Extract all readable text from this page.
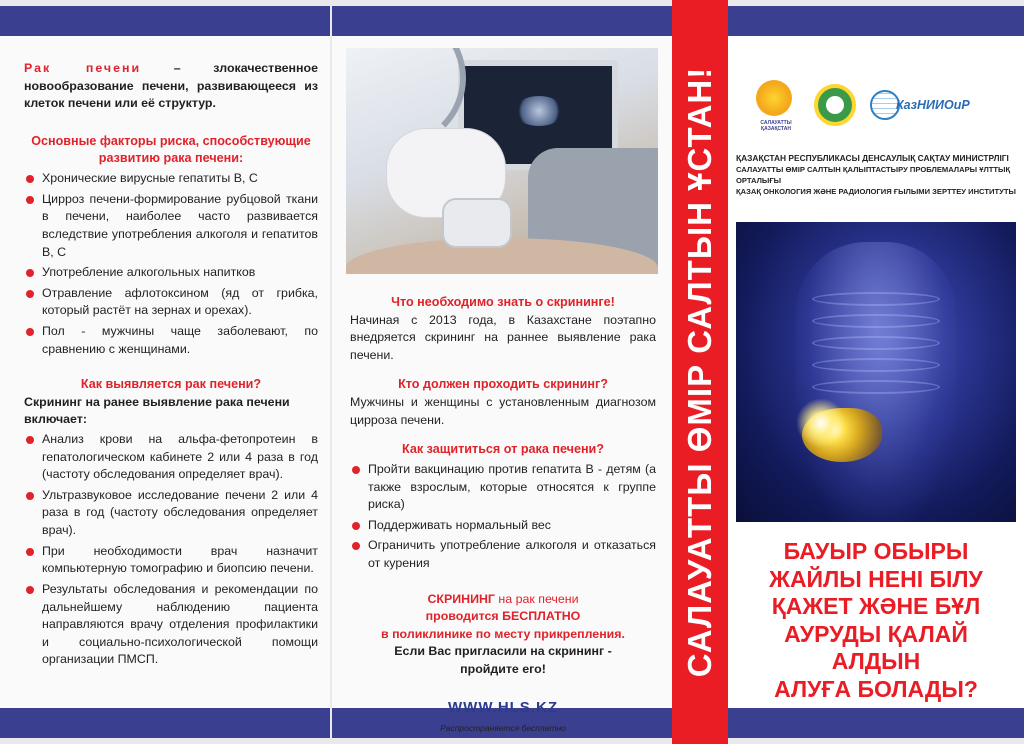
Рак печени – злокачественное новообразование печени, развивающееся из клеток печени или её структур.

Основные факторы риска, способствующие развитию рака печени:

Хронические вирусные гепатиты В, С
Цирроз печени-формирование рубцовой ткани в печени, наиболее часто развивается вследствие употребления алкоголя и гепатитов В, С
Употребление алкогольных напитков
Отравление афлотоксином (яд от грибка, который растёт на зернах и орехах).
Пол - мужчины чаще заболевают, по сравнению с женщинами.

Как выявляется рак печени?

Скрининг на ранее выявление рака печени включает:

Анализ крови на альфа-фетопротеин в гепатологическом кабинете 2 или 4 раза в год (частоту обследования определяет врач).
Ультразвуковое исследование печени 2 или 4 раза в год (частоту обследования определяет врач).
При необходимости врач назначит компьютерную томографию и биопсию печени.
Результаты обследования и рекомендации по дальнейшему наблюдению пациента направляются врачу отделения профилактики и социально-психологической помощи организации ПМСП.

Что необходимо знать о скрининге!

Начиная с 2013 года, в Казахстане поэтапно внедряется скрининг на раннее выявление рака печени.

Кто должен проходить скрининг?

Мужчины и женщины с установленным диагнозом цирроза печени.

Как защититься от рака печени?

Пройти вакцинацию против гепатита В - детям (а также взрослым, которые относятся к группе риска)
Поддерживать нормальный вес
Ограничить употребление алкоголя и отказаться от курения
СКРИНИНГ на рак печени
проводится БЕСПЛАТНО
в поликлинике по месту прикрепления.
Если Вас пригласили на скрининг -
пройдите его!
WWW.HLS.KZ
Распространяется бесплатно
САЛАУАТТЫ ӨМІР САЛТЫН ҰСТАН!	САЛАУАТТЫ ҚАЗАҚСТАН
КазНИИОиР
ҚАЗАҚСТАН РЕСПУБЛИКАСЫ ДЕНСАУЛЫҚ САҚТАУ МИНИСТРЛІГІ
САЛАУАТТЫ ӨМІР САЛТЫН ҚАЛЫПТАСТЫРУ ПРОБЛЕМАЛАРЫ ҰЛТТЫҚ ОРТАЛЫҒЫ
ҚАЗАҚ ОНКОЛОГИЯ ЖӘНЕ РАДИОЛОГИЯ ҒЫЛЫМИ ЗЕРТТЕУ ИНСТИТУТЫ
БАУЫР ОБЫРЫ
ЖАЙЛЫ НЕНІ БІЛУ
ҚАЖЕТ ЖӘНЕ БҰЛ
АУРУДЫ ҚАЛАЙ АЛДЫН
АЛУҒА БОЛАДЫ?
